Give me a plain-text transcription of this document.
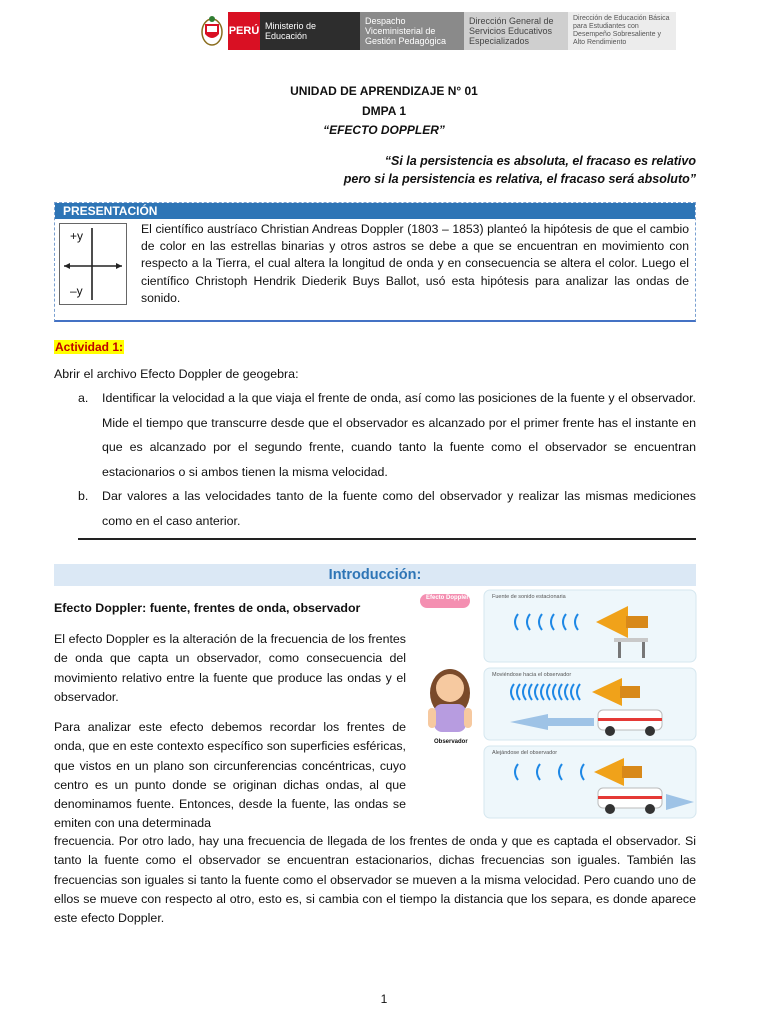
PERÚ Ministerio de Educación
Despacho Viceministerial de Gestión Pedagógica
Dirección General de Servicios Educativos Especializados
Dirección de Educación Básica para Estudiantes con Desempeño Sobresaliente y Alto Rendimiento
UNIDAD DE APRENDIZAJE N° 01
DMPA 1
“EFECTO DOPPLER”
“Si la persistencia es absoluta, el fracaso es relativo
pero si la persistencia es relativa, el fracaso será absoluto”
PRESENTACIÓN
+y
–y
El científico austríaco Christian Andreas Doppler (1803 – 1853) planteó la hipótesis de que el cambio de color en las estrellas binarias y otros astros se debe a que se encuentran en movimiento con respecto a la Tierra, el cual altera la longitud de onda y en consecuencia se altera el color. Luego el científico Christoph Hendrik Diederik Buys Ballot, usó esta hipótesis para analizar las ondas de sonido.
Actividad 1:
Abrir el archivo Efecto Doppler de geogebra:
a.	Identificar la velocidad a la que viaja el frente de onda, así como las posiciones de la fuente y el observador. Mide el tiempo que transcurre desde que el observador es alcanzado por el primer frente has el instante en que es alcanzado por el segundo frente, cuando tanto la fuente como el observador se encuentran estacionarios o si ambos tienen la misma velocidad.
b.	Dar valores a las velocidades tanto de la fuente como del observador y realizar las mismas mediciones como en el caso anterior.
Introducción:
Efecto Doppler: fuente, frentes de onda, observador
El efecto Doppler es la alteración de la frecuencia de los frentes de onda que capta un observador, como consecuencia del movimiento relativo entre la fuente que produce las ondas y el observador.
Para analizar este efecto debemos recordar los frentes de onda, que en este contexto específico son superficies esféricas, que vistos en un plano son circunferencias concéntricas, cuyo centro es un punto donde se originan dichas ondas, al que denominamos fuente. Entonces, desde la fuente, las ondas se emiten con una determinada
frecuencia. Por otro lado, hay una frecuencia de llegada de los frentes de onda y que es captada el observador. Si tanto la fuente como el observador se encuentran estacionarios, dichas frecuencias son iguales. También las frecuencias son iguales si tanto la fuente como el observador se mueven a la misma velocidad. Pero cuando uno de ellos se mueve con respecto al otro, esto es, si cambia con el tiempo la distancia que los separa, es donde aparece este efecto Doppler.
Efecto Doppler
Observador
Fuente de sonido estacionaria
Moviéndose hacia el observador
Alejándose del observador
1
